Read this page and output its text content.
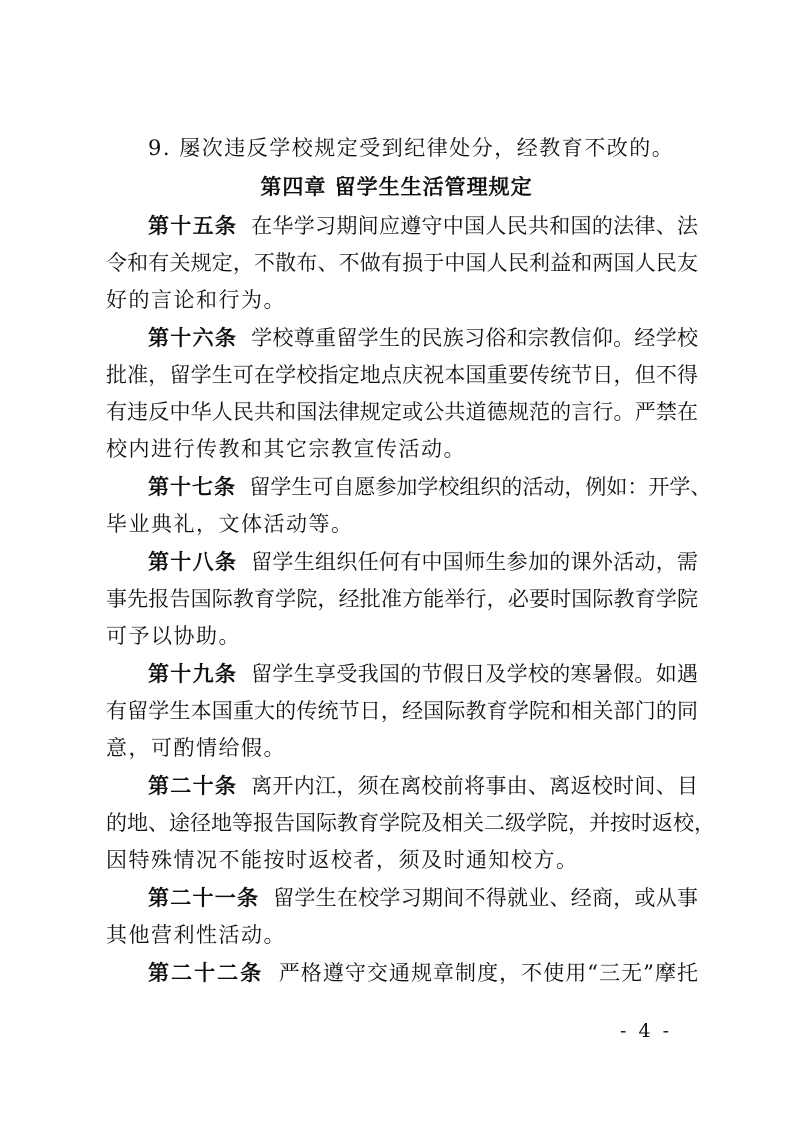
9. 屡次违反学校规定受到纪律处分，经教育不改的。
第四章 留学生生活管理规定
第十五条 在华学习期间应遵守中国人民共和国的法律、法
令和有关规定，不散布、不做有损于中国人民利益和两国人民友
好的言论和行为。
第十六条 学校尊重留学生的民族习俗和宗教信仰。经学校
批准，留学生可在学校指定地点庆祝本国重要传统节日，但不得
有违反中华人民共和国法律规定或公共道德规范的言行。严禁在
校内进行传教和其它宗教宣传活动。
第十七条 留学生可自愿参加学校组织的活动，例如：开学、
毕业典礼，文体活动等。
第十八条 留学生组织任何有中国师生参加的课外活动，需
事先报告国际教育学院，经批准方能举行，必要时国际教育学院
可予以协助。
第十九条 留学生享受我国的节假日及学校的寒暑假。如遇
有留学生本国重大的传统节日，经国际教育学院和相关部门的同
意，可酌情给假。
第二十条 离开内江，须在离校前将事由、离返校时间、目
的地、途径地等报告国际教育学院及相关二级学院，并按时返校，
因特殊情况不能按时返校者，须及时通知校方。
第二十一条 留学生在校学习期间不得就业、经商，或从事
其他营利性活动。
第二十二条 严格遵守交通规章制度，不使用“三无”摩托
- 4 -
